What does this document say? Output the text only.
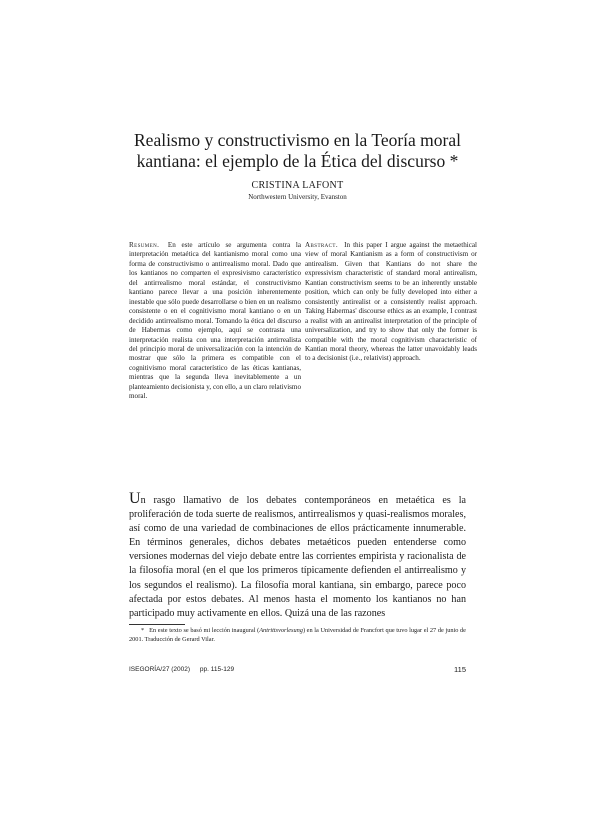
Realismo y constructivismo en la Teoría moral
kantiana: el ejemplo de la Ética del discurso *
CRISTINA LAFONT
Northwestern University, Evanston
Resumen. En este artículo se argumenta contra la interpretación metaética del kantianismo moral como una forma de constructivismo o antirrealismo moral. Dado que los kantianos no comparten el expresivismo característico del antirrealismo moral estándar, el constructivismo kantiano parece llevar a una posición inherentemente inestable que sólo puede desarrollarse o bien en un realismo consistente o en el cognitivismo moral kantiano o en un decidido antirrealismo moral. Tomando la ética del discurso de Habermas como ejemplo, aquí se contrasta una interpretación realista con una interpretación antirrealista del principio moral de universalización con la intención de mostrar que sólo la primera es compatible con el cognitivismo moral característico de las éticas kantianas, mientras que la segunda lleva inevitablemente a un planteamiento decisionista y, con ello, a un claro relativismo moral.
Abstract. In this paper I argue against the metaethical view of moral Kantianism as a form of constructivism or antirealism. Given that Kantians do not share the expressivism characteristic of standard moral antirealism, Kantian constructivism seems to be an inherently unstable position, which can only be fully developed into either a consistently antirealist or a consistently realist approach. Taking Habermas' discourse ethics as an example, I contrast a realist with an antirealist interpretation of the principle of universalization, and try to show that only the former is compatible with the moral cognitivism characteristic of Kantian moral theory, whereas the latter unavoidably leads to a decisionist (i.e., relativist) approach.
Un rasgo llamativo de los debates contemporáneos en metaética es la proliferación de toda suerte de realismos, antirrealismos y quasi-realismos morales, así como de una variedad de combinaciones de ellos prácticamente innumerable. En términos generales, dichos debates metaéticos pueden entenderse como versiones modernas del viejo debate entre las corrientes empirista y racionalista de la filosofía moral (en el que los primeros típicamente defienden el antirrealismo y los segundos el realismo). La filosofía moral kantiana, sin embargo, parece poco afectada por estos debates. Al menos hasta el momento los kantianos no han participado muy activamente en ellos. Quizá una de las razones
* En este texto se basó mi lección inaugural (Antrittsvorlesung) en la Universidad de Francfort que tuvo lugar el 27 de junio de 2001. Traducción de Gerard Vilar.
ISEGORÍA/27 (2002) pp. 115-129	115
